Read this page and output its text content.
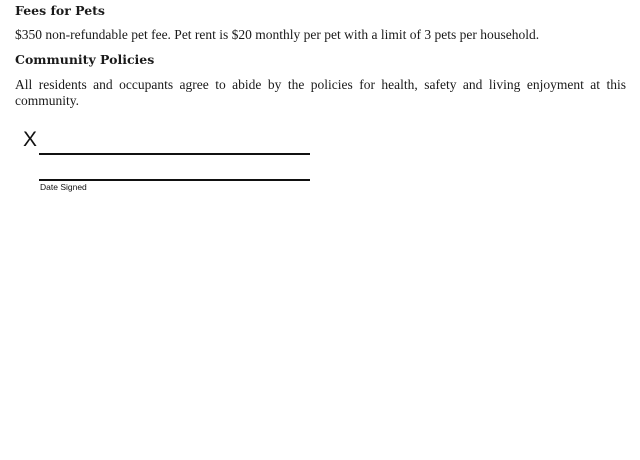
Fees for Pets

$350 non-refundable pet fee. Pet rent is $20 monthly per pet with a limit of 3 pets per household.

Community Policies

All residents and occupants agree to abide by the policies for health, safety and living enjoyment at this community.

X
Date Signed
